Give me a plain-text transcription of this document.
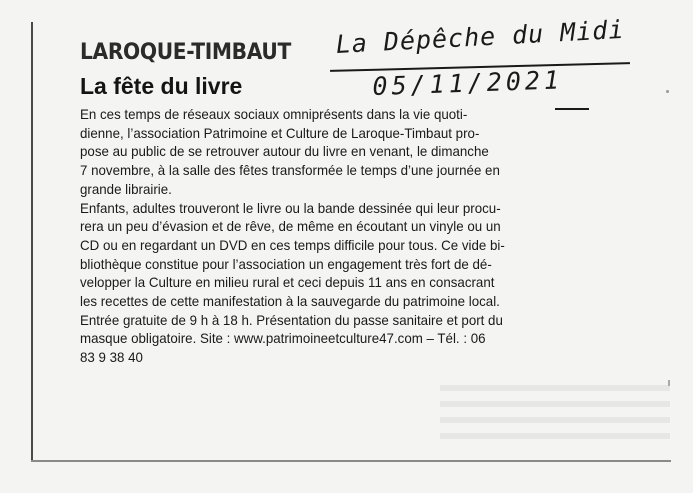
LAROQUE-TIMBAUT
La fête du livre
La Dépêche du Midi
05/11/2021
En ces temps de réseaux sociaux omniprésents dans la vie quoti-
dienne, l’association Patrimoine et Culture de Laroque-Timbaut pro-
pose au public de se retrouver autour du livre en venant, le dimanche
7 novembre, à la salle des fêtes transformée le temps d’une journée en
grande librairie.
Enfants, adultes trouveront le livre ou la bande dessinée qui leur procu-
rera un peu d’évasion et de rêve, de même en écoutant un vinyle ou un
CD ou en regardant un DVD en ces temps difficile pour tous. Ce vide bi-
bliothèque constitue pour l’association un engagement très fort de dé-
velopper la Culture en milieu rural et ceci depuis 11 ans en consacrant
les recettes de cette manifestation à la sauvegarde du patrimoine local.
Entrée gratuite de 9 h à 18 h. Présentation du passe sanitaire et port du
masque obligatoire. Site : www.patrimoineetculture47.com – Tél. : 06
83 9 38 40
